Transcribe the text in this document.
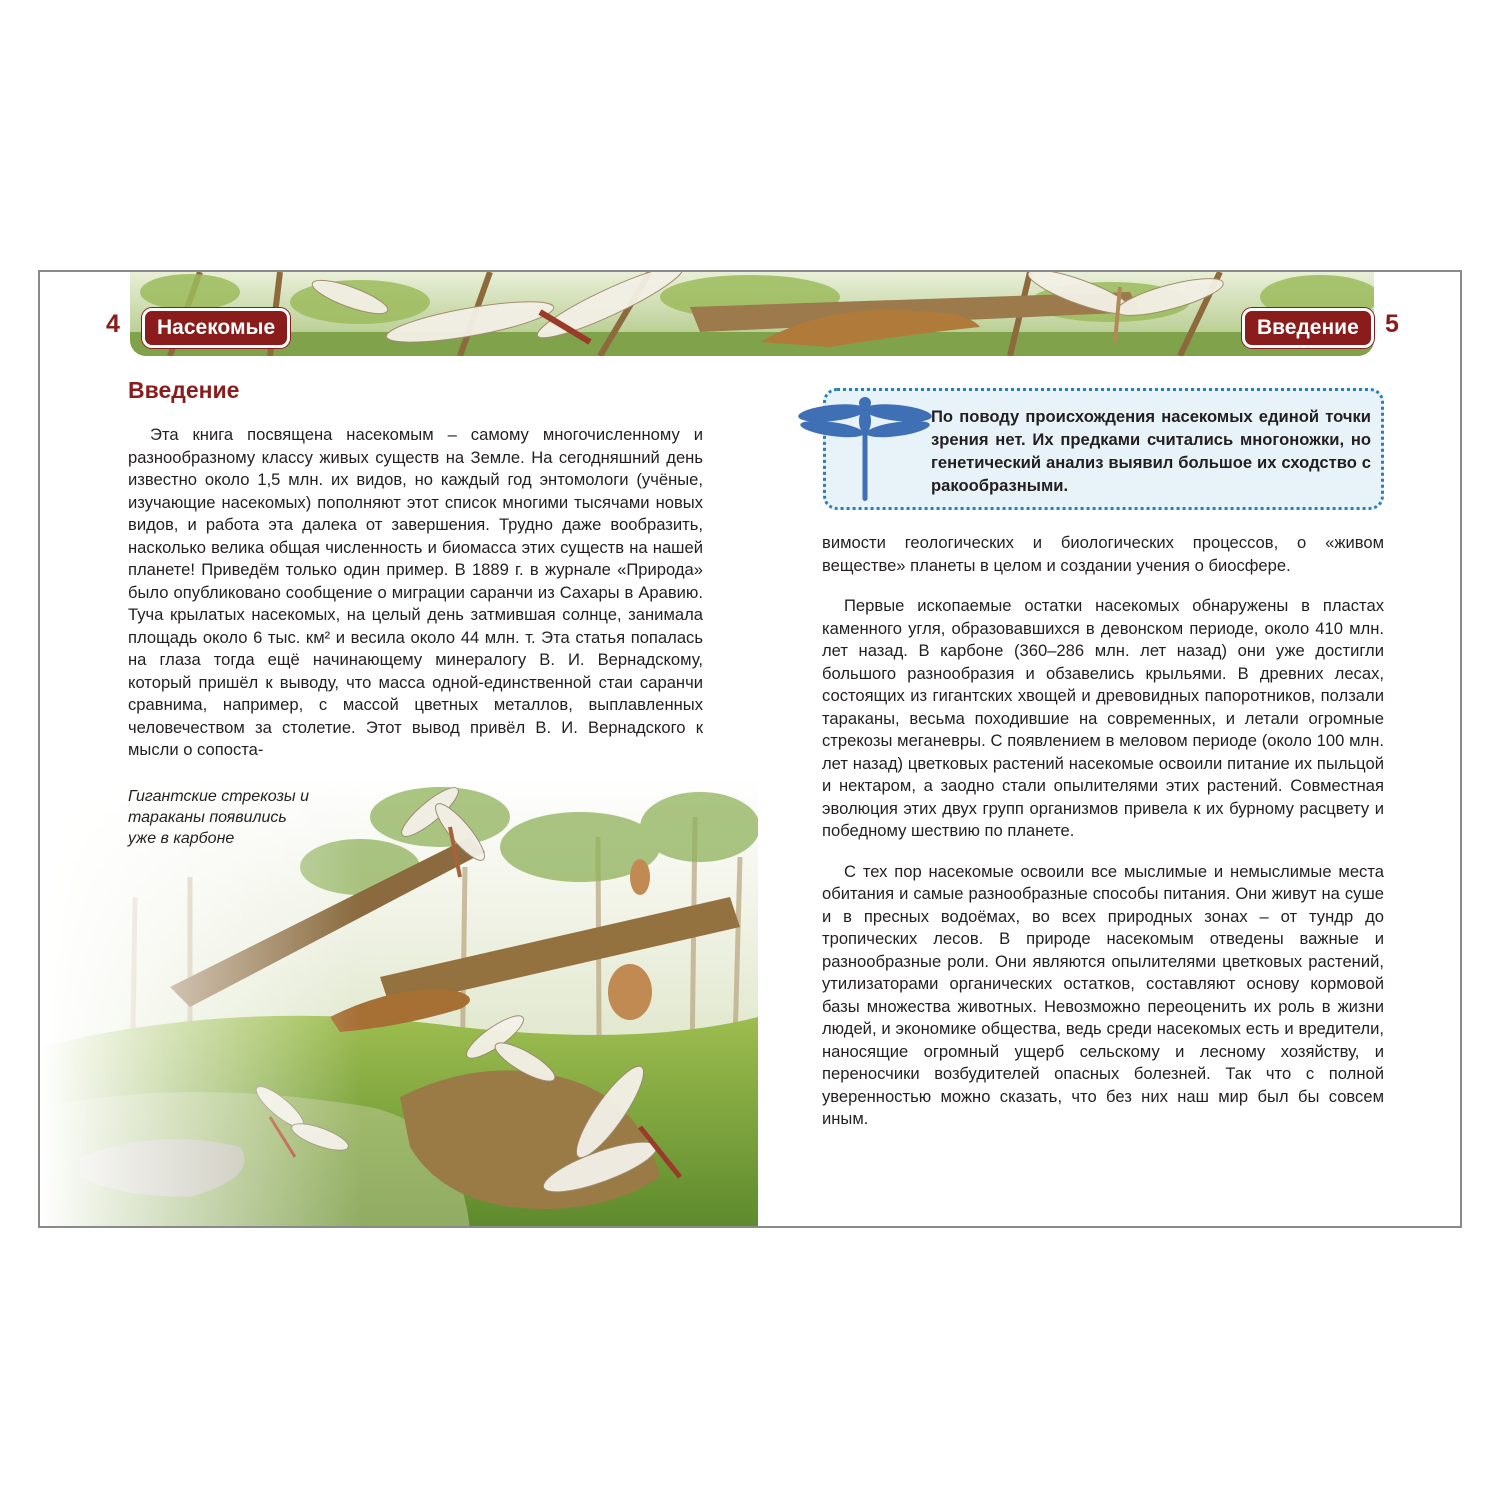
4	Насекомые	Введение	5
Введение

Эта книга посвящена насекомым – самому многочисленному и разнообразному классу живых существ на Земле. На сегодняшний день известно около 1,5 млн. их видов, но каждый год энтомологи (учёные, изучающие насекомых) пополняют этот список многими тысячами новых видов, и работа эта далека от завершения. Трудно даже вообразить, насколько велика общая численность и биомасса этих существ на нашей планете! Приведём только один пример. В 1889 г. в журнале «Природа» было опубликовано сообщение о миграции саранчи из Сахары в Аравию. Туча крылатых насекомых, на целый день затмившая солнце, занимала площадь около 6 тыс. км² и весила около 44 млн. т. Эта статья попалась на глаза тогда ещё начинающему минералогу В. И. Вернадскому, который пришёл к выводу, что масса одной-единственной стаи саранчи сравнима, например, с массой цветных металлов, выплавленных человечеством за столетие. Этот вывод привёл В. И. Вернадского к мысли о сопоста-

Гигантские стрекозы и
тараканы появились
уже в карбоне
По поводу происхождения насекомых единой точки зрения нет. Их предками считались многоножки, но генетический анализ выявил большое их сходство с ракообразными.

вимости геологических и биологических процессов, о «живом веществе» планеты в целом и создании учения о биосфере.

Первые ископаемые остатки насекомых обнаружены в пластах каменного угля, образовавшихся в девонском периоде, около 410 млн. лет назад. В карбоне (360–286 млн. лет назад) они уже достигли большого разнообразия и обзавелись крыльями. В древних лесах, состоящих из гигантских хвощей и древовидных папоротников, ползали тараканы, весьма походившие на современных, и летали огромные стрекозы меганевры. С появлением в меловом периоде (около 100 млн. лет назад) цветковых растений насекомые освоили питание их пыльцой и нектаром, а заодно стали опылителями этих растений. Совместная эволюция этих двух групп организмов привела к их бурному расцвету и победному шествию по планете.

С тех пор насекомые освоили все мыслимые и немыслимые места обитания и самые разнообразные способы питания. Они живут на суше и в пресных водоёмах, во всех природных зонах – от тундр до тропических лесов. В природе насекомым отведены важные и разнообразные роли. Они являются опылителями цветковых растений, утилизаторами органических остатков, составляют основу кормовой базы множества животных. Невозможно переоценить их роль в жизни людей, и экономике общества, ведь среди насекомых есть и вредители, наносящие огромный ущерб сельскому и лесному хозяйству, и переносчики возбудителей опасных болезней. Так что с полной уверенностью можно сказать, что без них наш мир был бы совсем иным.
